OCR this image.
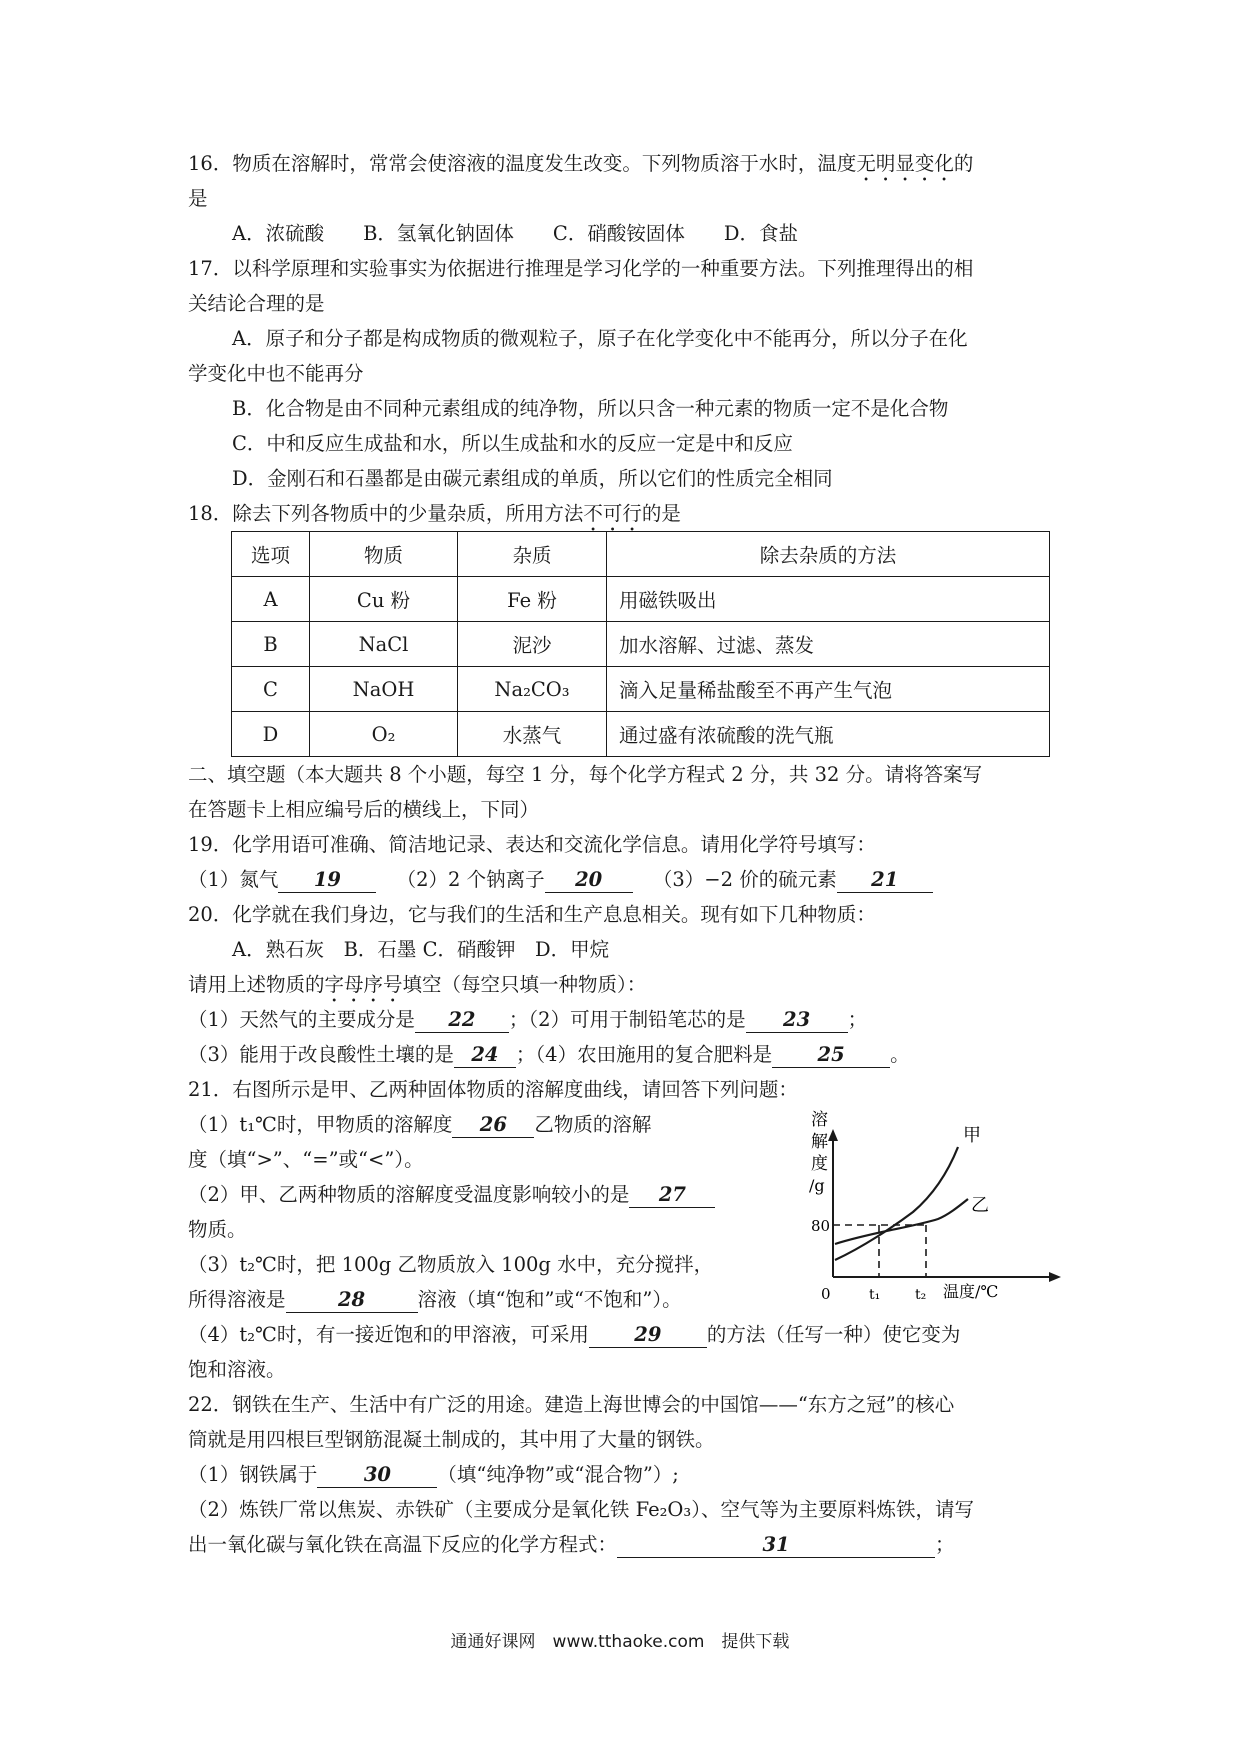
16．物质在溶解时，常常会使溶液的温度发生改变。下列物质溶于水时，温度无明显变化的
是
A．浓硫酸　　B．氢氧化钠固体　　C．硝酸铵固体　　D．食盐
17．以科学原理和实验事实为依据进行推理是学习化学的一种重要方法。下列推理得出的相
关结论合理的是
A．原子和分子都是构成物质的微观粒子，原子在化学变化中不能再分，所以分子在化
学变化中也不能再分
B．化合物是由不同种元素组成的纯净物，所以只含一种元素的物质一定不是化合物
C．中和反应生成盐和水，所以生成盐和水的反应一定是中和反应
D．金刚石和石墨都是由碳元素组成的单质，所以它们的性质完全相同
18．除去下列各物质中的少量杂质，所用方法不可行的是
选项	物质	杂质	除去杂质的方法
A	Cu 粉	Fe 粉	用磁铁吸出
B	NaCl	泥沙	加水溶解、过滤、蒸发
C	NaOH	Na₂CO₃	滴入足量稀盐酸至不再产生气泡
D	O₂	水蒸气	通过盛有浓硫酸的洗气瓶
二、填空题（本大题共 8 个小题，每空 1 分，每个化学方程式 2 分，共 32 分。请将答案写
在答题卡上相应编号后的横线上，下同）
19．化学用语可准确、简洁地记录、表达和交流化学信息。请用化学符号填写：
（1）氮气 19	（2）2 个钠离子 20	（3）−2 价的硫元素 21
20．化学就在我们身边，它与我们的生活和生产息息相关。现有如下几种物质：
A．熟石灰　B．石墨 C．硝酸钾　D．甲烷
请用上述物质的字母序号填空（每空只填一种物质）：
（1）天然气的主要成分是 22 ；（2）可用于制铅笔芯的是 23 ；
（3）能用于改良酸性土壤的是 24 ；（4）农田施用的复合肥料是 25 。
21．右图所示是甲、乙两种固体物质的溶解度曲线，请回答下列问题：
（1）t₁℃时，甲物质的溶解度 26 乙物质的溶解
度（填“>”、“=”或“<”）。
（2）甲、乙两种物质的溶解度受温度影响较小的是 27
物质。
（3）t₂℃时，把 100g 乙物质放入 100g 水中，充分搅拌，
所得溶液是	28	溶液（填“饱和”或“不饱和”）。
溶
解
度
/g
80
0	t₁ t₂ 温度/℃
甲
乙
（4）t₂℃时，有一接近饱和的甲溶液，可采用 29 的方法（任写一种）使它变为
饱和溶液。
22．钢铁在生产、生活中有广泛的用途。建造上海世博会的中国馆——“东方之冠”的核心
筒就是用四根巨型钢筋混凝土制成的，其中用了大量的钢铁。
（1）钢铁属于 30 （填“纯净物”或“混合物”）;
（2）炼铁厂常以焦炭、赤铁矿（主要成分是氧化铁 Fe₂O₃）、空气等为主要原料炼铁，请写
出一氧化碳与氧化铁在高温下反应的化学方程式：	31	；
通通好课网　www.tthaoke.com　提供下载
